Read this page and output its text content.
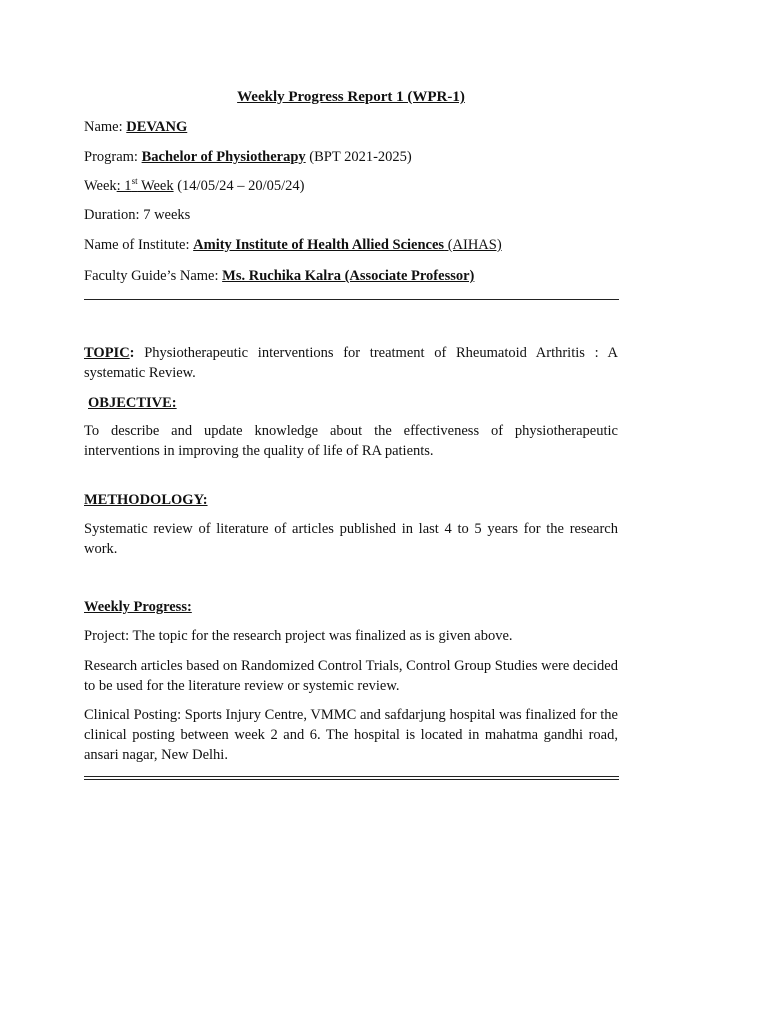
Weekly Progress Report 1 (WPR-1)
Name: DEVANG
Program: Bachelor of Physiotherapy (BPT 2021-2025)
Week: 1st Week (14/05/24 – 20/05/24)
Duration: 7 weeks
Name of Institute: Amity Institute of Health Allied Sciences (AIHAS)
Faculty Guide’s Name: Ms. Ruchika Kalra (Associate Professor)
TOPIC: Physiotherapeutic interventions for treatment of Rheumatoid Arthritis : A systematic Review.
OBJECTIVE:
To describe and update knowledge about the effectiveness of physiotherapeutic interventions in improving the quality of life of RA patients.
METHODOLOGY:
Systematic review of literature of articles published in last 4 to 5 years for the research work.
Weekly Progress:
Project: The topic for the research project was finalized as is given above.
Research articles based on Randomized Control Trials, Control Group Studies were decided to be used for the literature review or systemic review.
Clinical Posting: Sports Injury Centre, VMMC and safdarjung hospital was finalized for the clinical posting between week 2 and 6. The hospital is located in mahatma gandhi road, ansari nagar, New Delhi.
